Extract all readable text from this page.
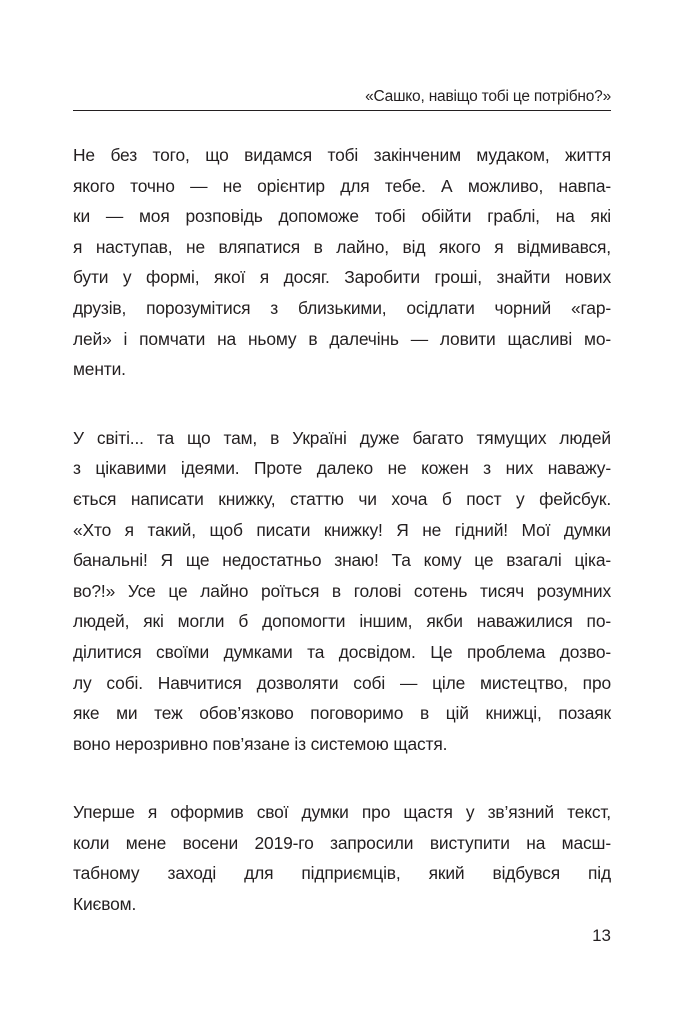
«Сашко, навіщо тобі це потрібно?»

Не без того, що видамся тобі закінченим мудаком, життя
якого точно — не орієнтир для тебе. А можливо, навпа-
ки — моя розповідь допоможе тобі обійти граблі, на які
я наступав, не вляпатися в лайно, від якого я відмивався,
бути у формі, якої я досяг. Заробити гроші, знайти нових
друзів, порозумітися з близькими, осідлати чорний «гар-
лей» і помчати на ньому в далечінь — ловити щасливі мо-
менти.

У світі... та що там, в Україні дуже багато тямущих людей
з цікавими ідеями. Проте далеко не кожен з них наважу-
ється написати книжку, статтю чи хоча б пост у фейсбук.
«Хто я такий, щоб писати книжку! Я не гідний! Мої думки
банальні! Я ще недостатньо знаю! Та кому це взагалі ціка-
во?!» Усе це лайно роїться в голові сотень тисяч розумних
людей, які могли б допомогти іншим, якби наважилися по-
ділитися своїми думками та досвідом. Це проблема дозво-
лу собі. Навчитися дозволяти собі — ціле мистецтво, про
яке ми теж обов’язково поговоримо в цій книжці, позаяк
воно нерозривно пов’язане із системою щастя.

Уперше я оформив свої думки про щастя у зв’язний текст,
коли мене восени 2019-го запросили виступити на масш-
табному заході для підприємців, який відбувся під
Києвом.

13
